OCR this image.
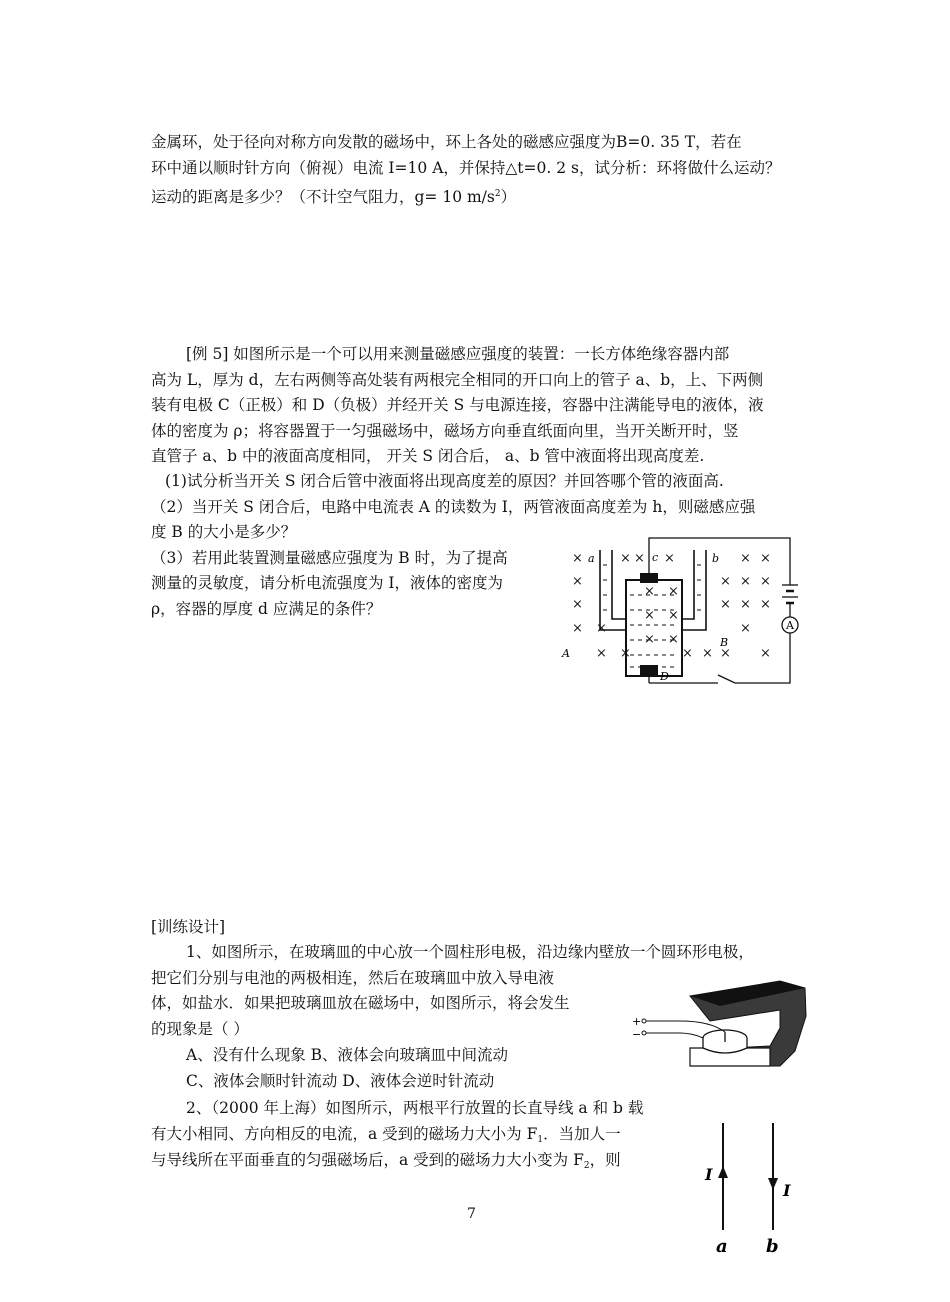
金属环，处于径向对称方向发散的磁场中，环上各处的磁感应强度为B=0. 35 T，若在
环中通以顺时针方向（俯视）电流 I=10 A，并保持△t=0. 2 s，试分析：环将做什么运动？
运动的距离是多少？（不计空气阻力，g= 10 $m/s^2$）
[例 5] 如图所示是一个可以用来测量磁感应强度的装置：一长方体绝缘容器内部
高为 L，厚为 d，左右两侧等高处装有两根完全相同的开口向上的管子 a、b，上、下两侧
装有电极 C（正极）和 D（负极）并经开关 S 与电源连接，容器中注满能导电的液体，液
体的密度为 ρ；将容器置于一匀强磁场中，磁场方向垂直纸面向里，当开关断开时，竖
直管子 a、b 中的液面高度相同， 开关 S 闭合后， a、b 管中液面将出现高度差.
(1)试分析当开关 S 闭合后管中液面将出现高度差的原因？并回答哪个管的液面高.
（2）当开关 S 闭合后，电路中电流表 A 的读数为 I，两管液面高度差为 h，则磁感应强
度 B 的大小是多少？
（3）若用此装置测量磁感应强度为 B 时，为了提高
测量的灵敏度，请分析电流强度为 I，液体的密度为
ρ，容器的厚度 d 应满足的条件？
×
×
×
×
×
× × ×
×
×
×
×
×
×
×
×
×
×
×
×
×	× ×
× ×
× ×
× ×
A
a	c	b
B
A
D
[训练设计]
1、如图所示，在玻璃皿的中心放一个圆柱形电极，沿边缘内壁放一个圆环形电极，
把它们分别与电池的两极相连，然后在玻璃皿中放入导电液
体，如盐水．如果把玻璃皿放在磁场中，如图所示，将会发生
的现象是（ ）
A、没有什么现象 B、液体会向玻璃皿中间流动
C、液体会顺时针流动 D、液体会逆时针流动
2、（2000 年上海）如图所示，两根平行放置的长直导线 a 和 b 载
有大小相同、方向相反的电流，a 受到的磁场力大小为 $F_1$．当加人一
与导线所在平面垂直的匀强磁场后，a 受到的磁场力大小变为 $F_2$，则
+
−
I
I
a b
7
